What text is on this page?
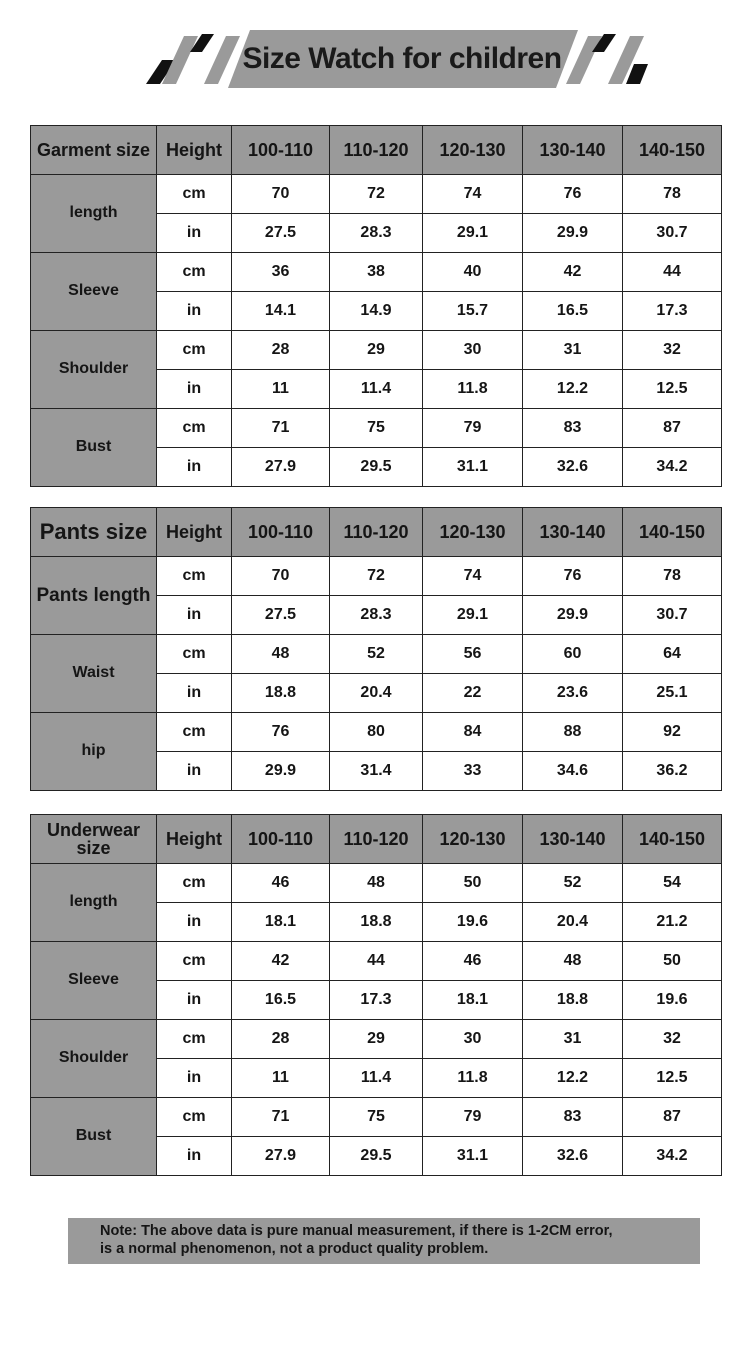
Size Watch for children
Garment size	Height	100-110	110-120	120-130	130-140	140-150
length	cm	70	72	74	76	78
	in	27.5	28.3	29.1	29.9	30.7
Sleeve	cm	36	38	40	42	44
	in	14.1	14.9	15.7	16.5	17.3
Shoulder	cm	28	29	30	31	32
	in	11	11.4	11.8	12.2	12.5
Bust	cm	71	75	79	83	87
	in	27.9	29.5	31.1	32.6	34.2
Pants size	Height	100-110	110-120	120-130	130-140	140-150
Pants length	cm	70	72	74	76	78
	in	27.5	28.3	29.1	29.9	30.7
Waist	cm	48	52	56	60	64
	in	18.8	20.4	22	23.6	25.1
hip	cm	76	80	84	88	92
	in	29.9	31.4	33	34.6	36.2
Underwear
size	Height	100-110	110-120	120-130	130-140	140-150
length	cm	46	48	50	52	54
	in	18.1	18.8	19.6	20.4	21.2
Sleeve	cm	42	44	46	48	50
	in	16.5	17.3	18.1	18.8	19.6
Shoulder	cm	28	29	30	31	32
	in	11	11.4	11.8	12.2	12.5
Bust	cm	71	75	79	83	87
	in	27.9	29.5	31.1	32.6	34.2
Note: The above data is pure manual measurement, if there is 1-2CM error,
is a normal phenomenon, not a product quality problem.
